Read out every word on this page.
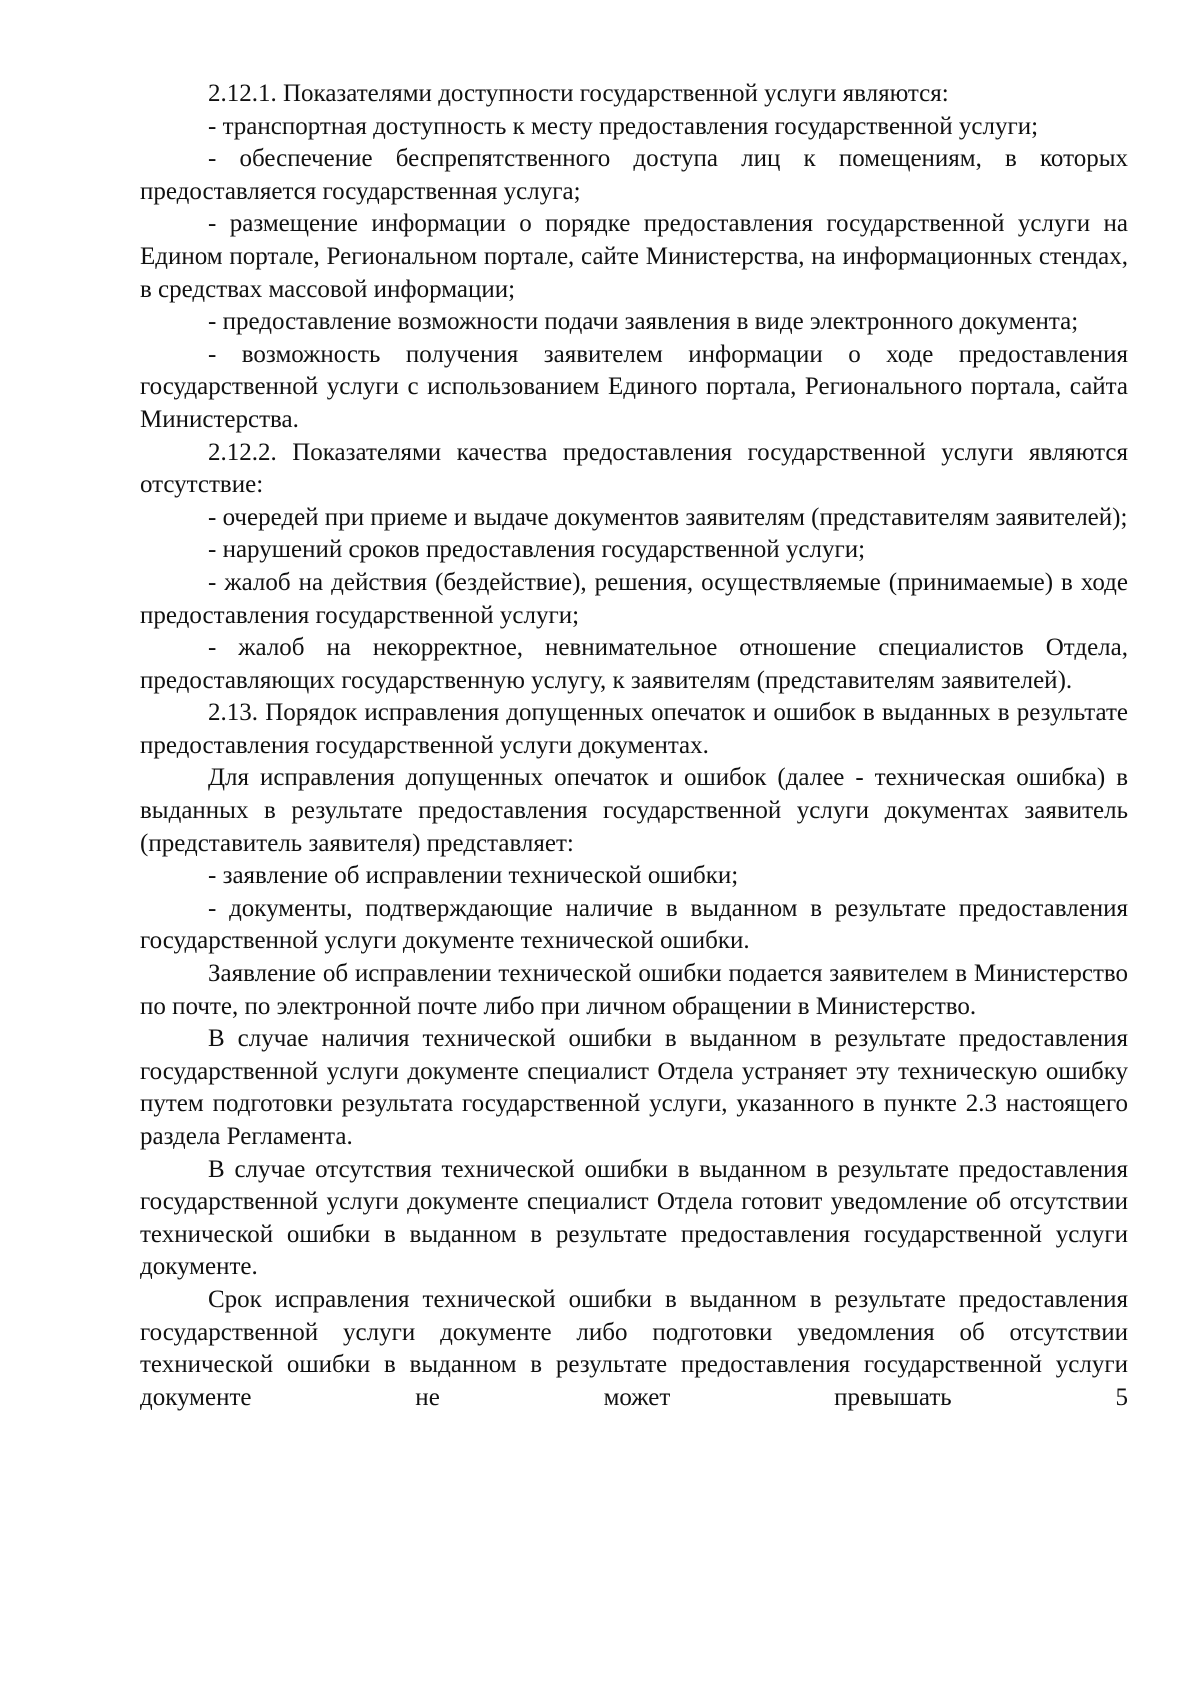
2.12.1. Показателями доступности государственной услуги являются:

- транспортная доступность к месту предоставления государственной услуги;

- обеспечение беспрепятственного доступа лиц к помещениям, в которых предоставляется государственная услуга;

- размещение информации о порядке предоставления государственной услуги на Едином портале, Региональном портале, сайте Министерства, на информационных стендах, в средствах массовой информации;

- предоставление возможности подачи заявления в виде электронного документа;

- возможность получения заявителем информации о ходе предоставления государственной услуги с использованием Единого портала, Регионального портала, сайта Министерства.

2.12.2. Показателями качества предоставления государственной услуги являются отсутствие:

- очередей при приеме и выдаче документов заявителям (представителям заявителей);

- нарушений сроков предоставления государственной услуги;

- жалоб на действия (бездействие), решения, осуществляемые (принимаемые) в ходе предоставления государственной услуги;

- жалоб на некорректное, невнимательное отношение специалистов Отдела, предоставляющих государственную услугу, к заявителям (представителям заявителей).

2.13. Порядок исправления допущенных опечаток и ошибок в выданных в результате предоставления государственной услуги документах.

Для исправления допущенных опечаток и ошибок (далее - техническая ошибка) в выданных в результате предоставления государственной услуги документах заявитель (представитель заявителя) представляет:

- заявление об исправлении технической ошибки;

- документы, подтверждающие наличие в выданном в результате предоставления государственной услуги документе технической ошибки.

Заявление об исправлении технической ошибки подается заявителем в Министерство по почте, по электронной почте либо при личном обращении в Министерство.

В случае наличия технической ошибки в выданном в результате предоставления государственной услуги документе специалист Отдела устраняет эту техническую ошибку путем подготовки результата государственной услуги, указанного в пункте 2.3 настоящего раздела Регламента.

В случае отсутствия технической ошибки в выданном в результате предоставления государственной услуги документе специалист Отдела готовит уведомление об отсутствии технической ошибки в выданном в результате предоставления государственной услуги документе.

Срок исправления технической ошибки в выданном в результате предоставления государственной услуги документе либо подготовки уведомления об отсутствии технической ошибки в выданном в результате предоставления государственной услуги документе не может превышать 5
